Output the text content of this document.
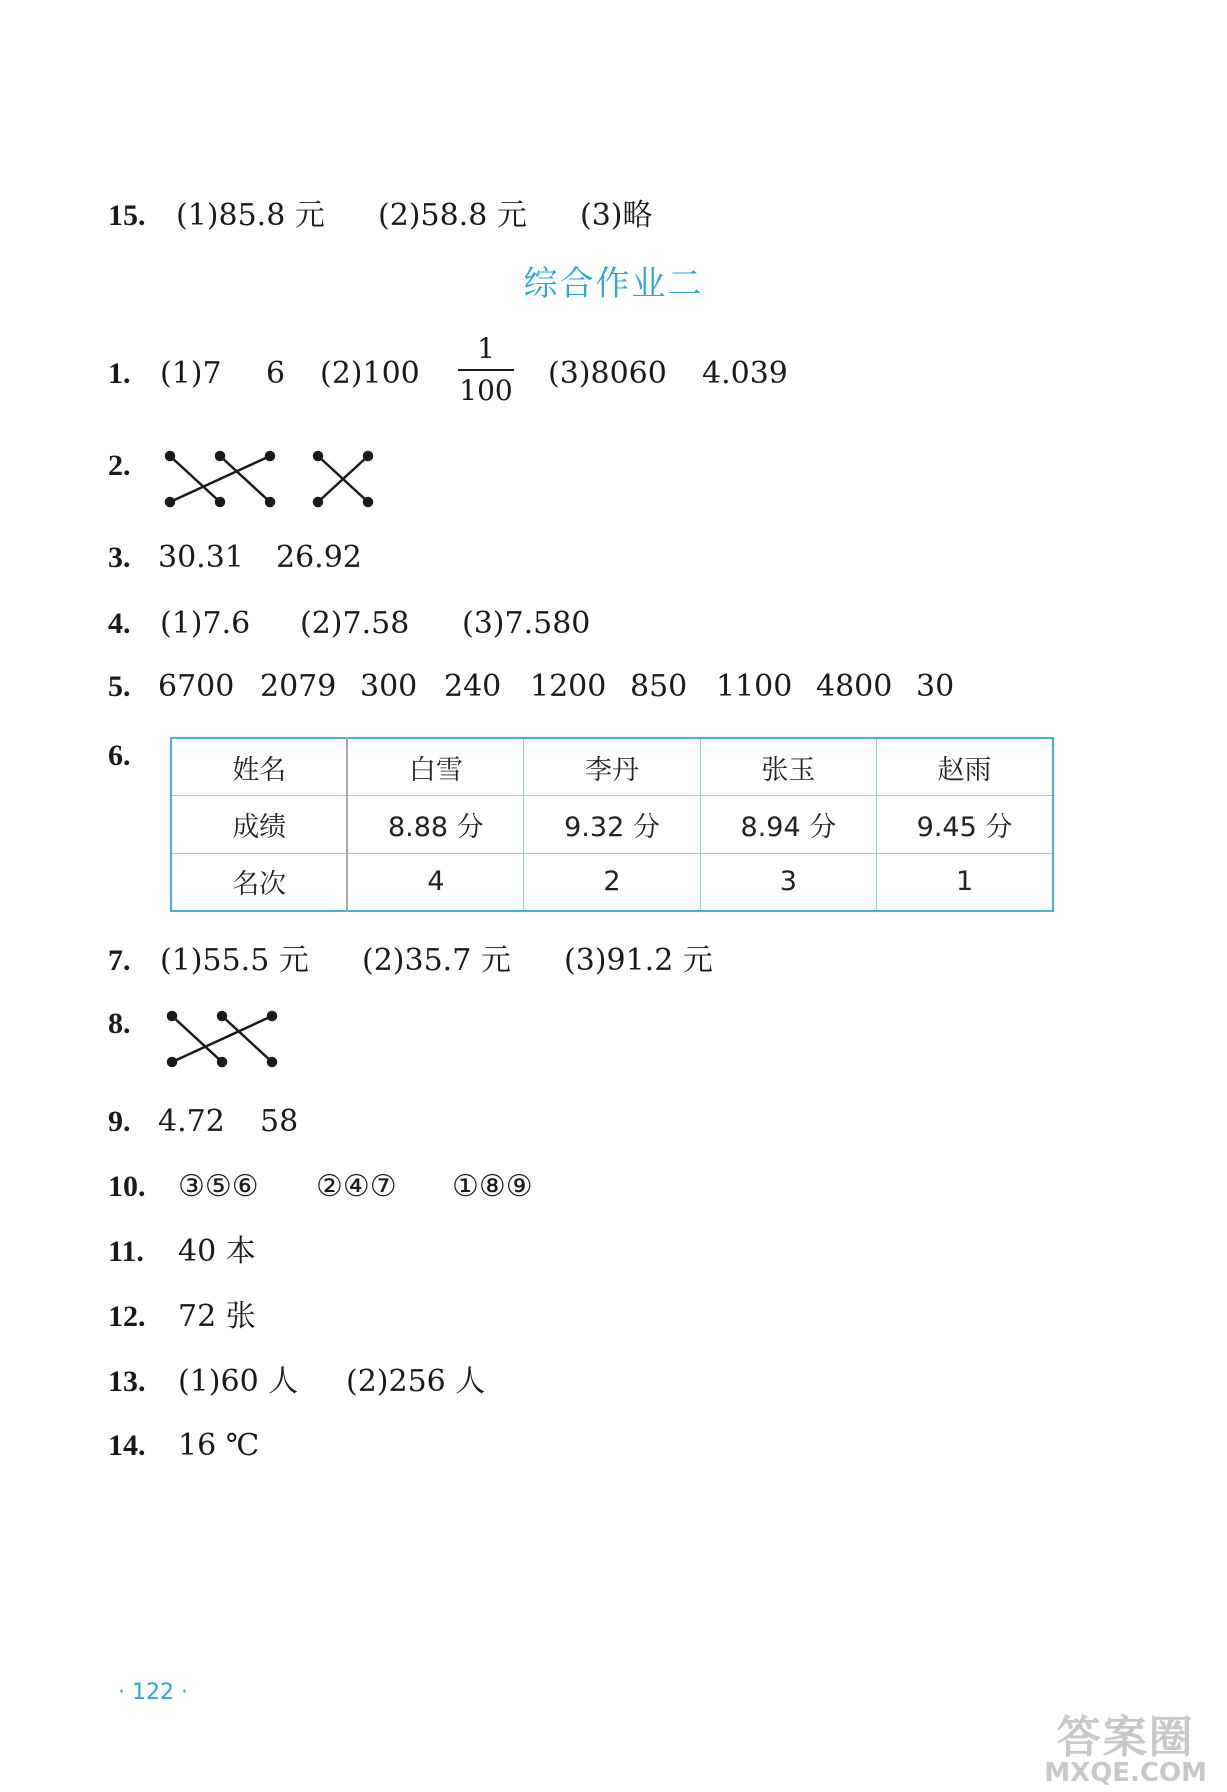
15. (1)85.8 元 (2)58.8 元 (3)略
综合作业二
1. (1)7 6 (2)100	(3)8060 4.039
1
100
2.
3. 30.31 26.92
4. (1)7.6 (2)7.58 (3)7.580
5. 6700 2079 300 240 1200 850 1100 4800 30
6.	姓名	白雪	李丹	张玉	赵雨
成绩	8.88 分	9.32 分	8.94 分	9.45 分
名次	4	2	3	1
7. (1)55.5 元 (2)35.7 元 (3)91.2 元
8.
9. 4.72 58
10. ③⑤⑥ ②④⑦ ①⑧⑨
11. 40 本
12. 72 张
13. (1)60 人 (2)256 人
14. 16 ℃
· 122 ·
答案圈
MXQE.COM
